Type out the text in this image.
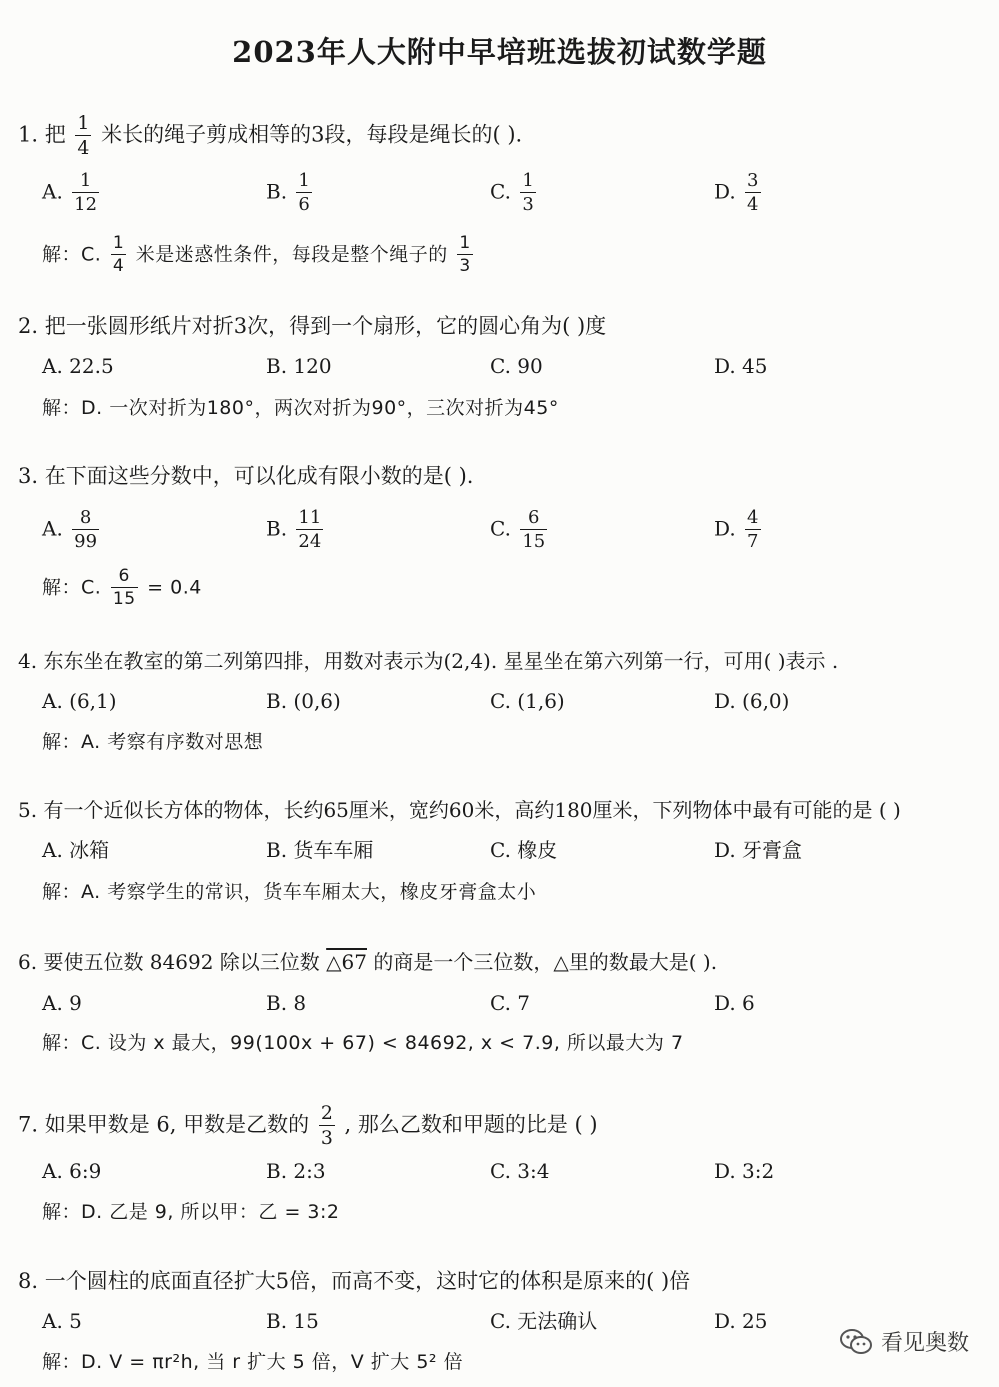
2023年人大附中早培班选拔初试数学题
1. 把 $\frac{1}{4}$ 米长的绳子剪成相等的3段，每段是绳长的( ).
A. $\frac{1}{12}$	B. $\frac{1}{6}$	C. $\frac{1}{3}$	D. $\frac{3}{4}$
解：C. $\frac{1}{4}$ 米是迷惑性条件，每段是整个绳子的 $\frac{1}{3}$
2. 把一张圆形纸片对折3次，得到一个扇形，它的圆心角为( )度
A. 22.5	B. 120	C. 90	D. 45
解：D. 一次对折为180°，两次对折为90°，三次对折为45°
3. 在下面这些分数中，可以化成有限小数的是( ).
A. $\frac{8}{99}$	B. $\frac{11}{24}$	C. $\frac{6}{15}$	D. $\frac{4}{7}$
解：C. $\frac{6}{15} = 0.4$
4. 东东坐在教室的第二列第四排，用数对表示为(2,4). 星星坐在第六列第一行，可用( )表示 .
A. (6,1)	B. (0,6)	C. (1,6)	D. (6,0)
解：A. 考察有序数对思想
5. 有一个近似长方体的物体，长约65厘米，宽约60米，高约180厘米，下列物体中最有可能的是 ( )
A. 冰箱	B. 货车车厢	C. 橡皮	D. 牙膏盒
解：A. 考察学生的常识，货车车厢太大，橡皮牙膏盒太小
6. 要使五位数 84692 除以三位数 △67 的商是一个三位数，△里的数最大是( ).
A. 9	B. 8	C. 7	D. 6
解：C. 设为 x 最大，99(100x + 67) < 84692, x < 7.9, 所以最大为 7
7. 如果甲数是 6, 甲数是乙数的 $\frac{2}{3}$ , 那么乙数和甲题的比是 ( )
A. 6:9	B. 2:3	C. 3:4	D. 3:2
解：D. 乙是 9, 所以甲：乙 = 3:2
8. 一个圆柱的底面直径扩大5倍，而高不变，这时它的体积是原来的( )倍
A. 5	B. 15	C. 无法确认	D. 25
解：D. V = πr²h, 当 r 扩大 5 倍，V 扩大 5² 倍
看见奥数
